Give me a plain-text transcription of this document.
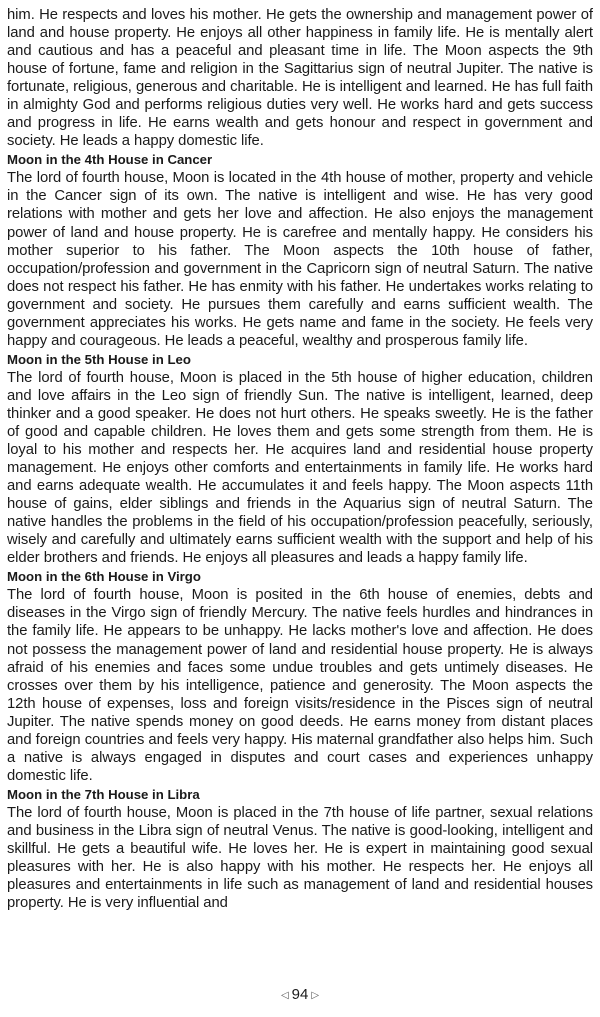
him. He respects and loves his mother. He gets the ownership and management power of land and house property. He enjoys all other happiness in family life. He is mentally alert and cautious and has a peaceful and pleasant time in life. The Moon aspects the 9th house of fortune, fame and religion in the Sagittarius sign of neutral Jupiter. The native is fortunate, religious, generous and charitable. He is intelligent and learned. He has full faith in almighty God and performs religious duties very well. He works hard and gets success and progress in life. He earns wealth and gets honour and respect in government and society. He leads a happy domestic life.

Moon in the 4th House in Cancer

The lord of fourth house, Moon is located in the 4th house of mother, property and vehicle in the Cancer sign of its own. The native is intelligent and wise. He has very good relations with mother and gets her love and affection. He also enjoys the management power of land and house property. He is carefree and mentally happy. He considers his mother superior to his father. The Moon aspects the 10th house of father, occupation/profession and government in the Capricorn sign of neutral Saturn. The native does not respect his father. He has enmity with his father. He undertakes works relating to government and society. He pursues them carefully and earns sufficient wealth. The government appreciates his works. He gets name and fame in the society. He feels very happy and courageous. He leads a peaceful, wealthy and prosperous family life.

Moon in the 5th House in Leo

The lord of fourth house, Moon is placed in the 5th house of higher education, children and love affairs in the Leo sign of friendly Sun. The native is intelligent, learned, deep thinker and a good speaker. He does not hurt others. He speaks sweetly. He is the father of good and capable children. He loves them and gets some strength from them. He is loyal to his mother and respects her. He acquires land and residential house property management. He enjoys other comforts and entertainments in family life. He works hard and earns adequate wealth. He accumulates it and feels happy. The Moon aspects 11th house of gains, elder siblings and friends in the Aquarius sign of neutral Saturn. The native handles the problems in the field of his occupation/profession peacefully, seriously, wisely and carefully and ultimately earns sufficient wealth with the support and help of his elder brothers and friends. He enjoys all pleasures and leads a happy family life.

Moon in the 6th House in Virgo

The lord of fourth house, Moon is posited in the 6th house of enemies, debts and diseases in the Virgo sign of friendly Mercury. The native feels hurdles and hindrances in the family life. He appears to be unhappy. He lacks mother's love and affection. He does not possess the management power of land and residential house property. He is always afraid of his enemies and faces some undue troubles and gets untimely diseases. He crosses over them by his intelligence, patience and generosity. The Moon aspects the 12th house of expenses, loss and foreign visits/residence in the Pisces sign of neutral Jupiter. The native spends money on good deeds. He earns money from distant places and foreign countries and feels very happy. His maternal grandfather also helps him. Such a native is always engaged in disputes and court cases and experiences unhappy domestic life.

Moon in the 7th House in Libra

The lord of fourth house, Moon is placed in the 7th house of life partner, sexual relations and business in the Libra sign of neutral Venus. The native is good-looking, intelligent and skillful. He gets a beautiful wife. He loves her. He is expert in maintaining good sexual pleasures with her. He is also happy with his mother. He respects her. He enjoys all pleasures and entertainments in life such as management of land and residential houses property. He is very influential and

◁ 94 ▷
